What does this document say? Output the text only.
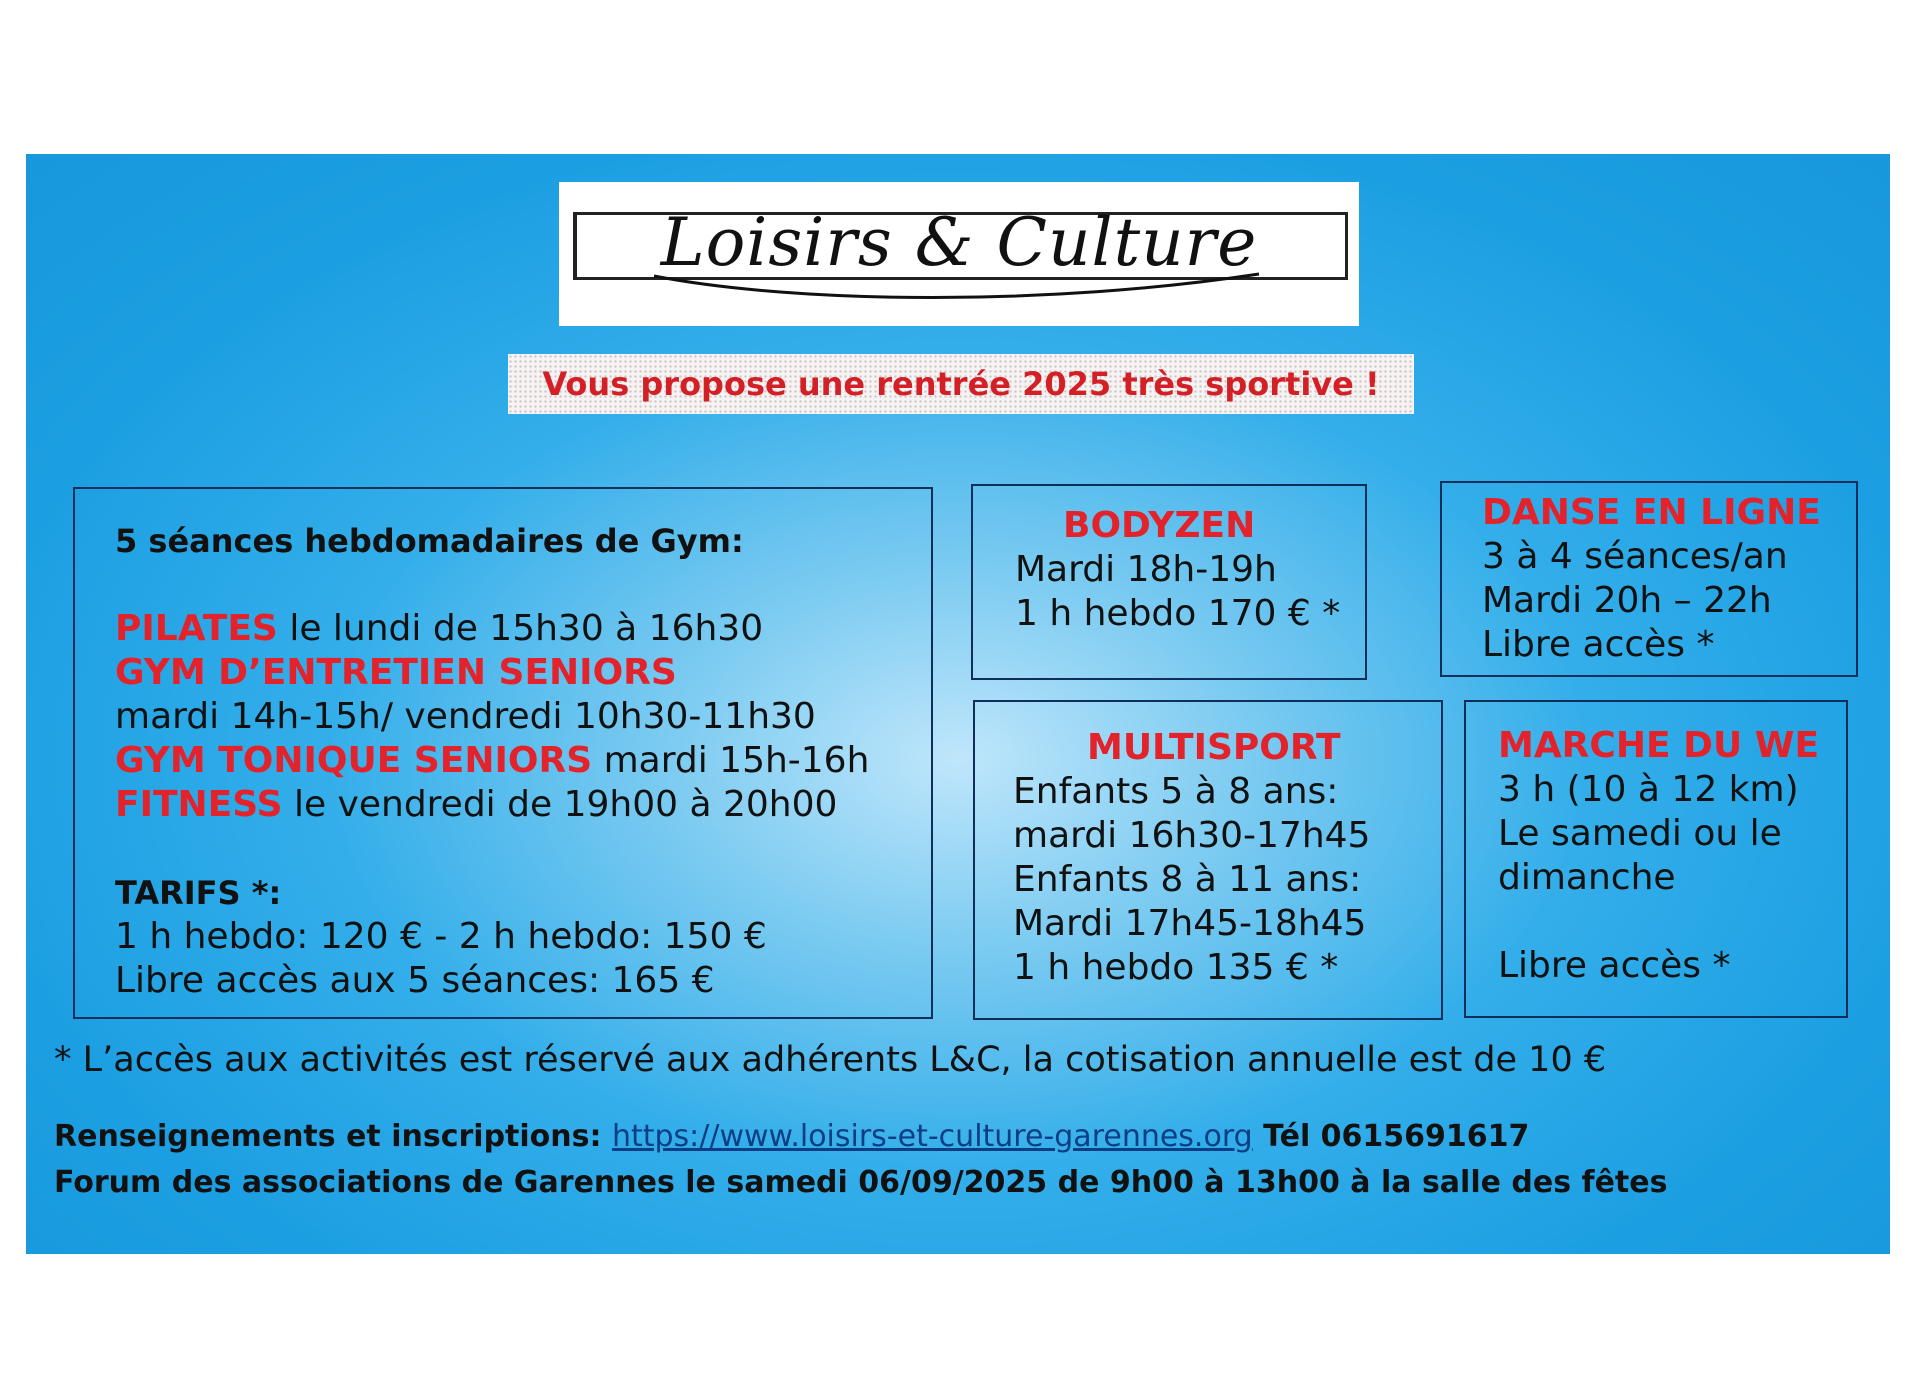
Loisirs & Culture
Vous propose une rentrée 2025 très sportive !
5 séances hebdomadaires de Gym:
PILATES le lundi de 15h30 à 16h30
GYM D’ENTRETIEN SENIORS
mardi 14h-15h/ vendredi 10h30-11h30
GYM TONIQUE SENIORS mardi 15h-16h
FITNESS le vendredi de 19h00 à 20h00
TARIFS *:
1 h hebdo: 120 € - 2 h hebdo: 150 €
Libre accès aux 5 séances: 165 €
BODYZEN
Mardi 18h-19h
1 h hebdo 170 € *
DANSE EN LIGNE
3 à 4 séances/an
Mardi 20h – 22h
Libre accès *
MULTISPORT
Enfants 5 à 8 ans:
mardi 16h30-17h45
Enfants 8 à 11 ans:
Mardi 17h45-18h45
1 h hebdo 135 € *
MARCHE DU WE
3 h (10 à 12 km)
Le samedi ou le
dimanche
Libre accès *
* L’accès aux activités est réservé aux adhérents L&C, la cotisation annuelle est de 10 €
Renseignements et inscriptions: https://www.loisirs-et-culture-garennes.org Tél 0615691617
Forum des associations de Garennes le samedi 06/09/2025 de 9h00 à 13h00 à la salle des fêtes
